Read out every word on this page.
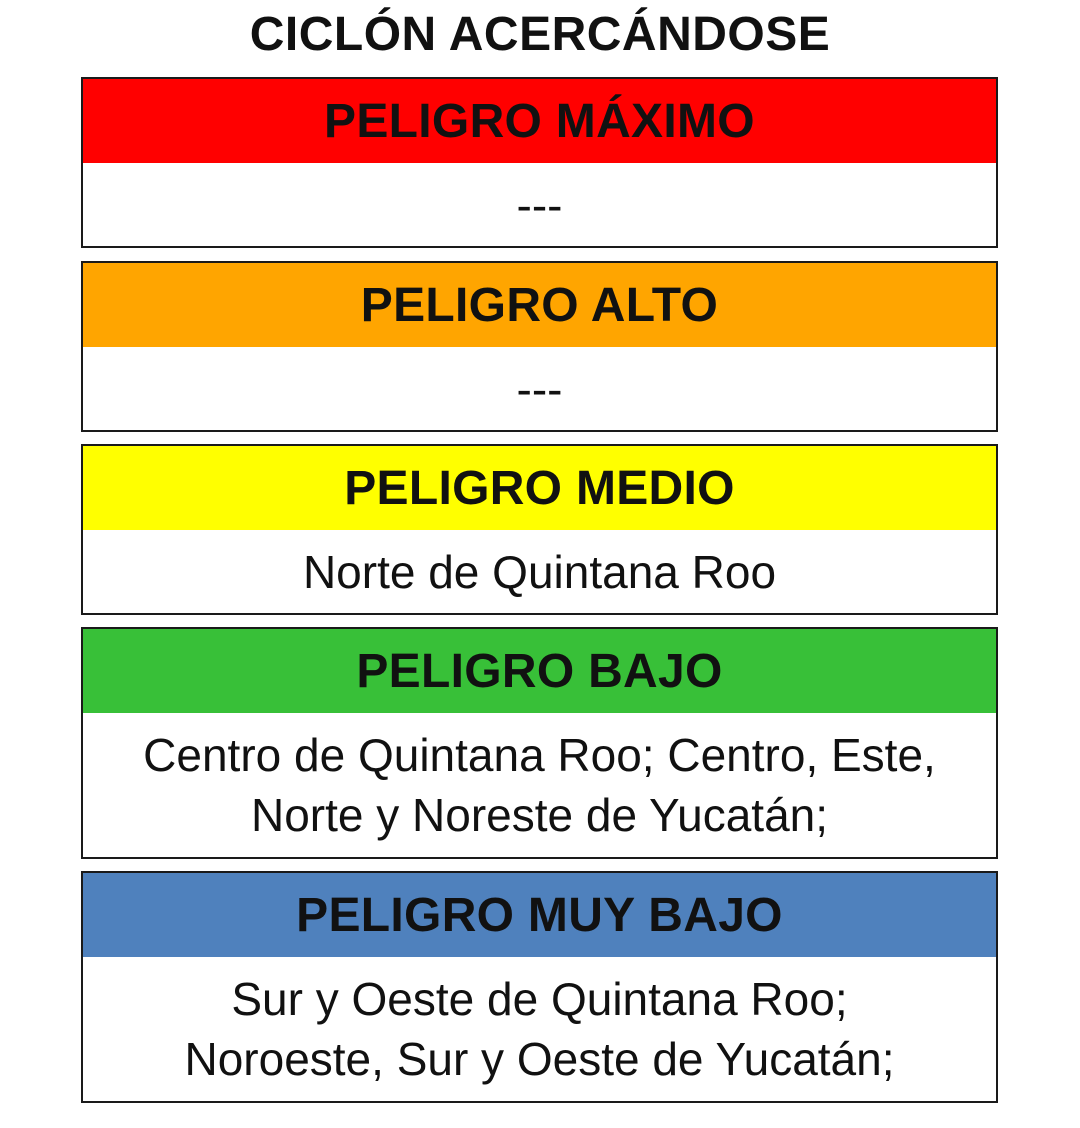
CICLÓN ACERCÁNDOSE
PELIGRO MÁXIMO
---
PELIGRO ALTO
---
PELIGRO MEDIO
Norte de Quintana Roo
PELIGRO BAJO
Centro de Quintana Roo; Centro, Este,
Norte y Noreste de Yucatán;
PELIGRO MUY BAJO
Sur y Oeste de Quintana Roo;
Noroeste, Sur y Oeste de Yucatán;
